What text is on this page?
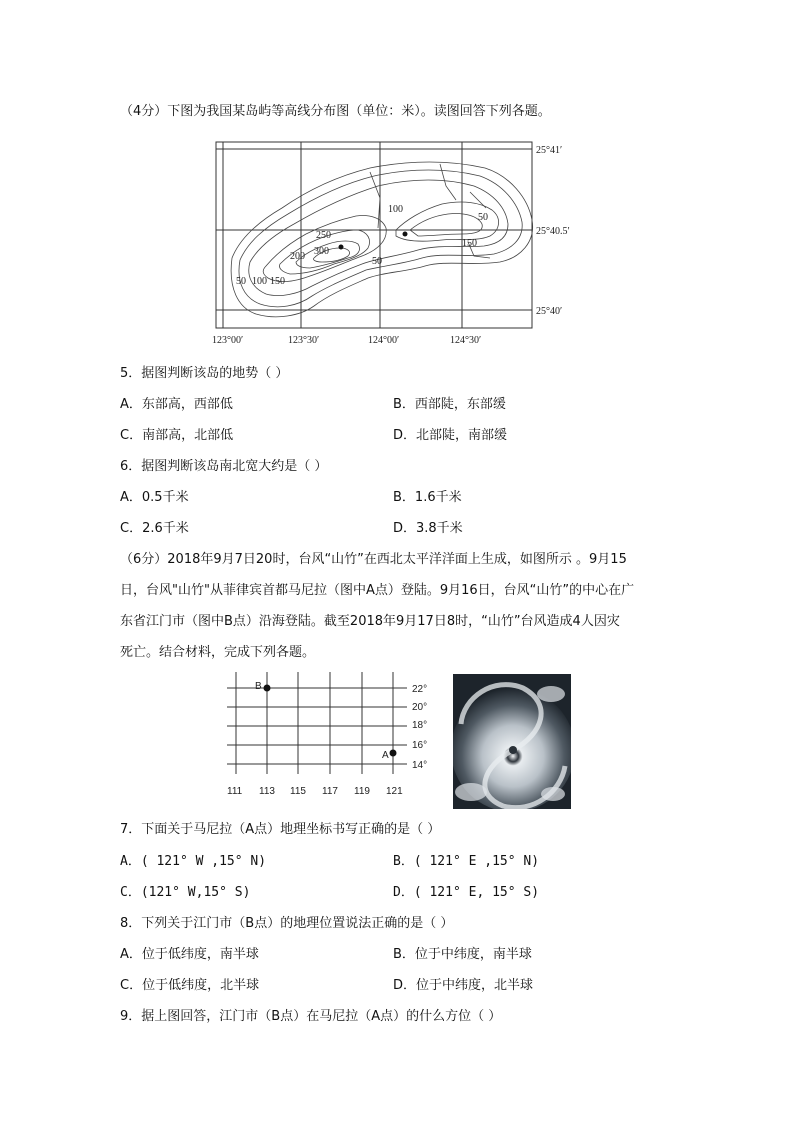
（4分）下图为我国某岛屿等高线分布图（单位：米）。读图回答下列各题。
100
50
250
300
200
150
50
50 100 150
25°41′
25°40.5′
25°40′
123°00′	123°30′	124°00′	124°30′
5．据图判断该岛的地势（ ）
A．东部高，西部低	B．西部陡，东部缓
C．南部高，北部低	D．北部陡，南部缓
6．据图判断该岛南北宽大约是（ ）
A．0.5千米	B．1.6千米
C．2.6千米	D．3.8千米
（6分）2018年9月7日20时，台风“山竹”在西北太平洋洋面上生成，如图所示 。9月15
日，台风"山竹"从菲律宾首都马尼拉（图中A点）登陆。9月16日，台风“山竹”的中心在广
东省江门市（图中B点）沿海登陆。截至2018年9月17日8时，“山竹”台风造成4人因灾
死亡。结合材料，完成下列各题。
B
A
22°
20°
18°
16°
14°
111 113 115 117 119 121
7．下面关于马尼拉（A点）地理坐标书写正确的是（ ）
A．( 121° W ,15° N)	B．( 121° E ,15° N)
C．(121° W,15° S)	D．( 121° E, 15° S)
8．下列关于江门市（B点）的地理位置说法正确的是（ ）
A．位于低纬度，南半球	B．位于中纬度，南半球
C．位于低纬度，北半球	D．位于中纬度，北半球
9．据上图回答，江门市（B点）在马尼拉（A点）的什么方位（ ）
